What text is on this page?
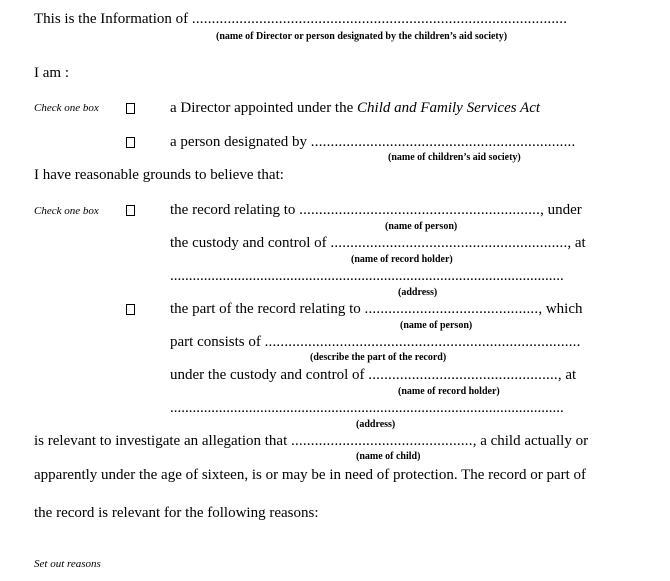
This is the Information of ...............................................................................................
(name of Director or person designated by the children’s aid society)
I am :
Check one box	a Director appointed under the Child and Family Services Act
a person designated by ...................................................................
(name of children’s aid society)
I have reasonable grounds to believe that:
Check one box	the record relating to ............................................................., under
(name of person)
the custody and control of ............................................................, at
(name of record holder)
.........................................................................................................
(address)
the part of the record relating to ............................................, which
(name of person)
part consists of ................................................................................
(describe the part of the record)
under the custody and control of ................................................, at
(name of record holder)
.........................................................................................................
(address)
is relevant to investigate an allegation that .............................................., a child actually or
(name of child)
apparently under the age of sixteen, is or may be in need of protection. The record or part of
the record is relevant for the following reasons:
Set out reasons
